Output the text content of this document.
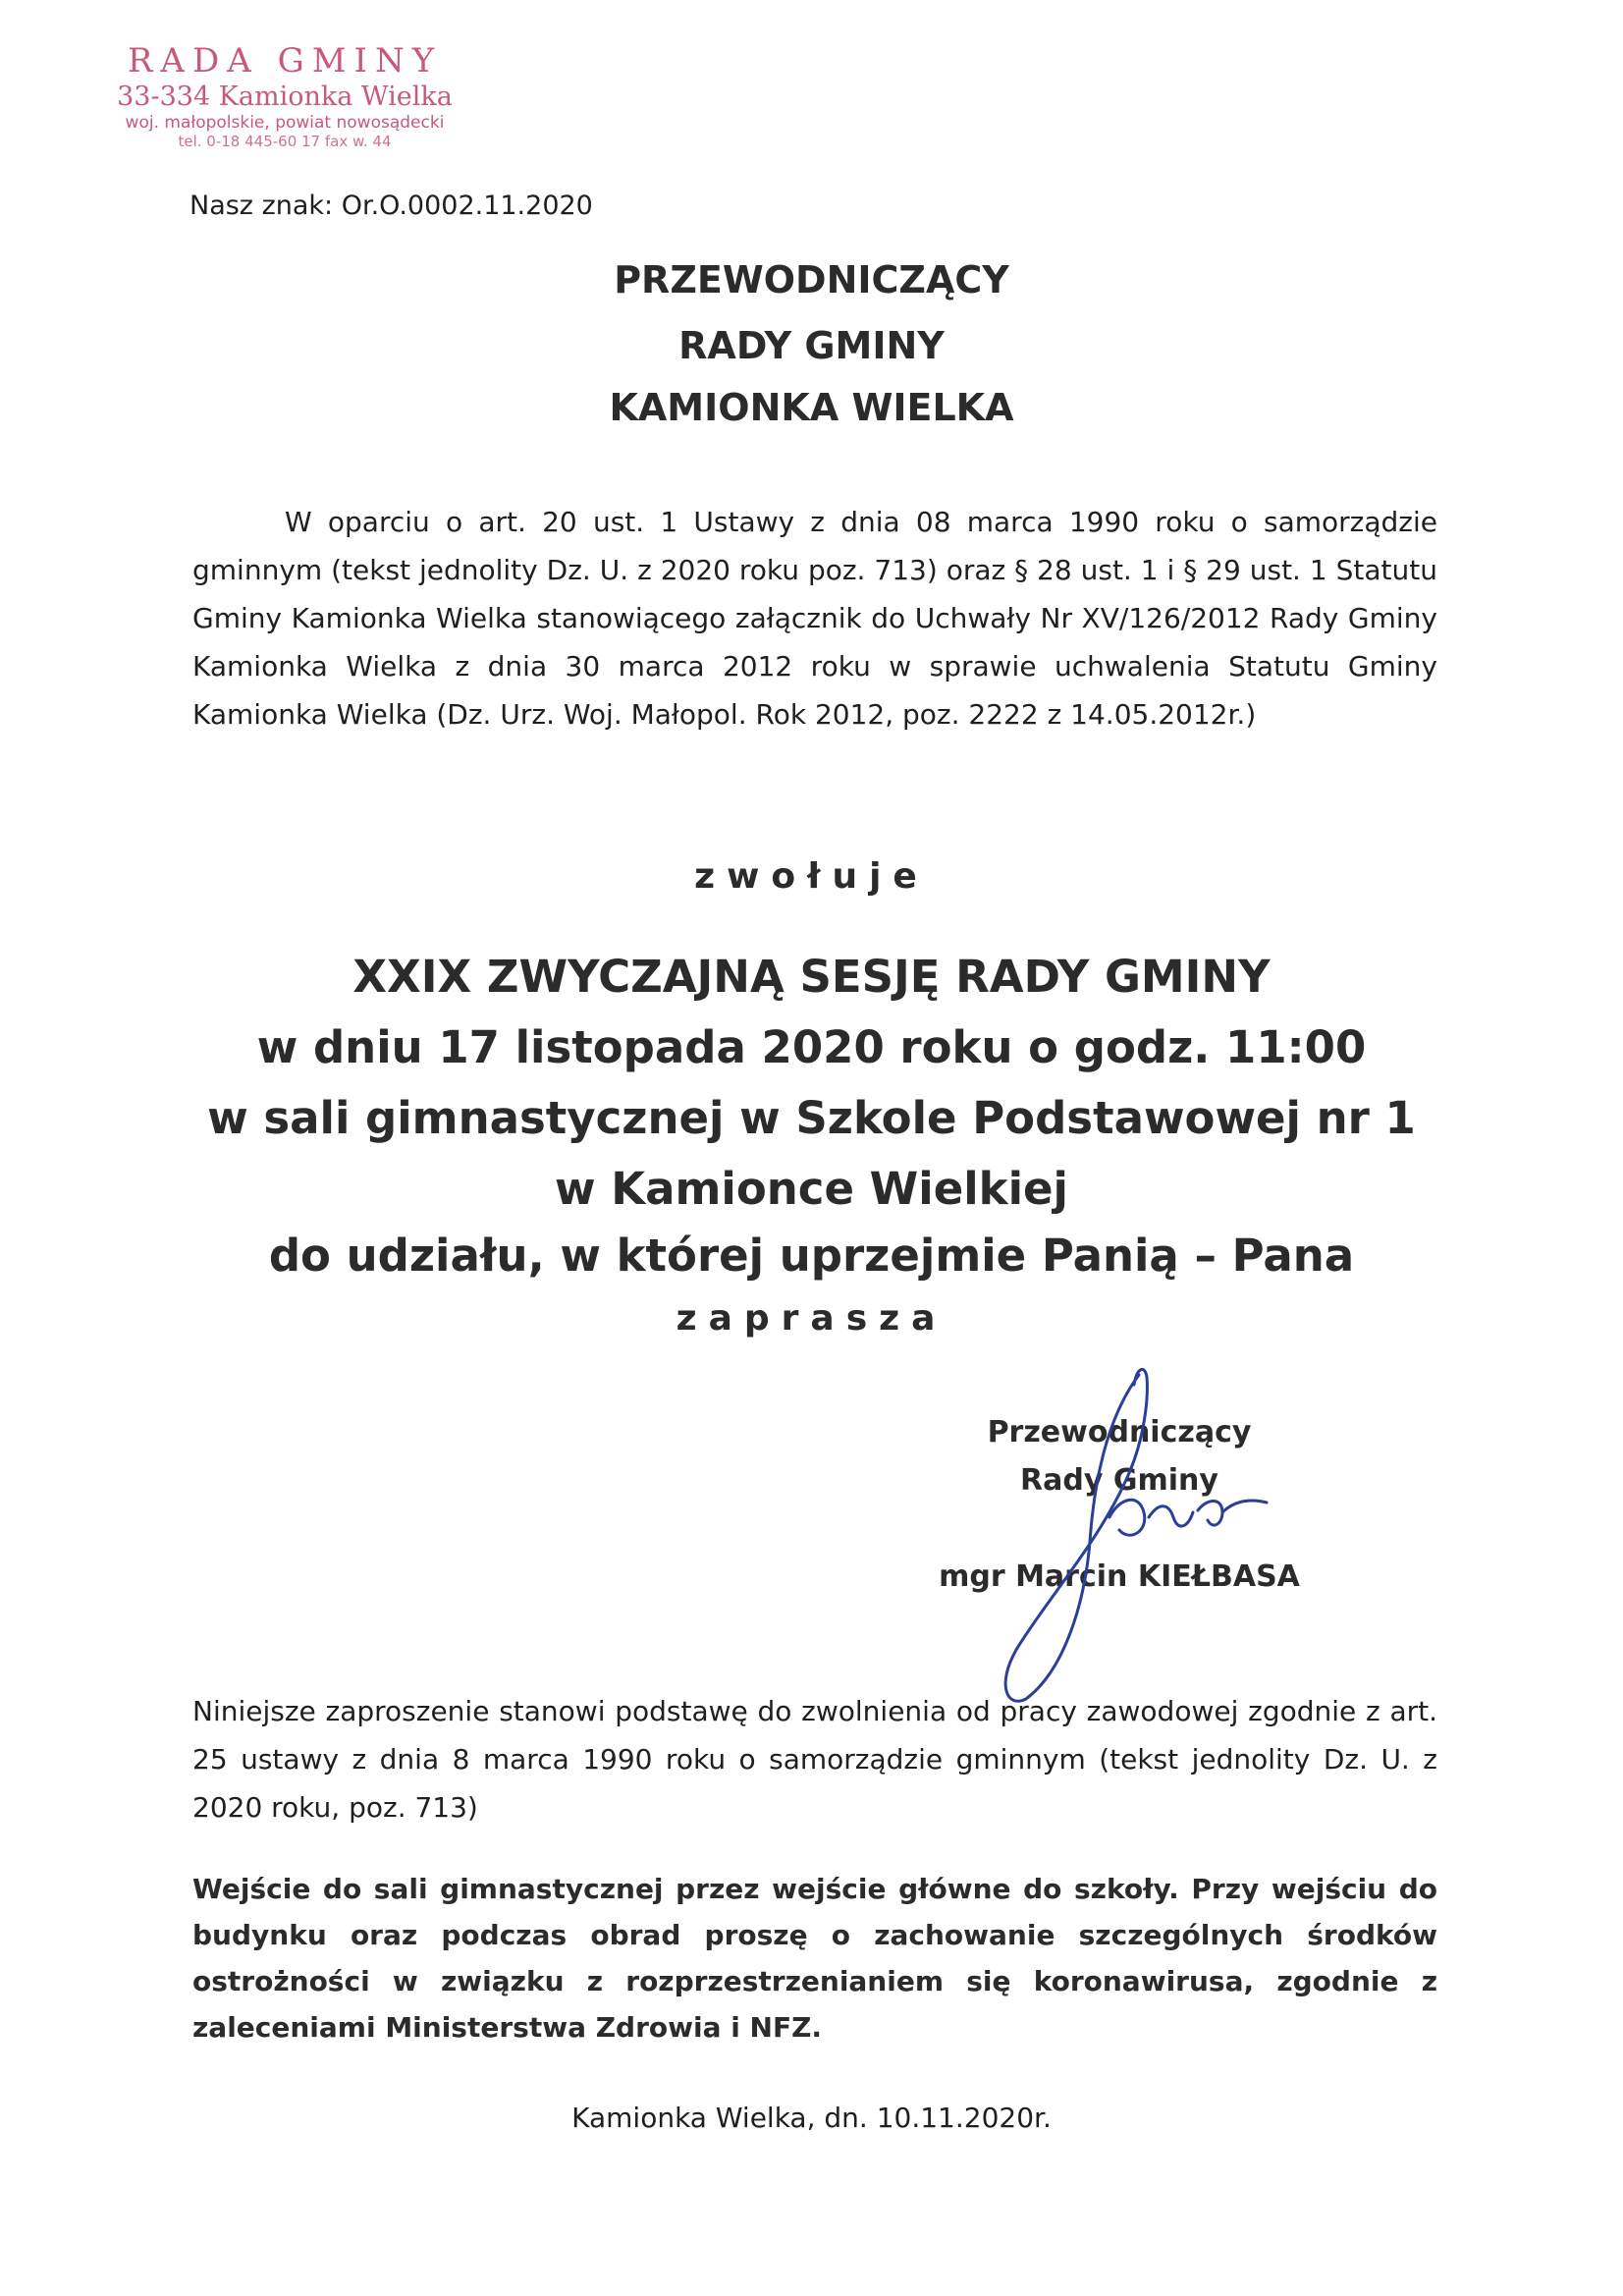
RADA GMINY
33-334 Kamionka Wielka
woj. małopolskie, powiat nowosądecki
tel. 0-18 445-60 17 fax w. 44
Nasz znak: Or.O.0002.11.2020
PRZEWODNICZĄCY
RADY GMINY
KAMIONKA WIELKA
W oparciu o art. 20 ust. 1 Ustawy z dnia 08 marca 1990 roku o samorządzie gminnym (tekst jednolity Dz. U. z 2020 roku poz. 713) oraz § 28 ust. 1 i § 29 ust. 1 Statutu Gminy Kamionka Wielka stanowiącego załącznik do Uchwały Nr XV/126/2012 Rady Gminy Kamionka Wielka z dnia 30 marca 2012 roku w sprawie uchwalenia Statutu Gminy Kamionka Wielka (Dz. Urz. Woj. Małopol. Rok 2012, poz. 2222 z 14.05.2012r.)
zwołuje
XXIX ZWYCZAJNĄ SESJĘ RADY GMINY
w dniu 17 listopada 2020 roku o godz. 11:00
w sali gimnastycznej w Szkole Podstawowej nr 1
w Kamionce Wielkiej
do udziału, w której uprzejmie Panią – Pana
zaprasza
Przewodniczący
Rady Gminy
mgr Marcin KIEŁBASA
Niniejsze zaproszenie stanowi podstawę do zwolnienia od pracy zawodowej zgodnie z art. 25 ustawy z dnia 8 marca 1990 roku o samorządzie gminnym (tekst jednolity Dz. U. z 2020 roku, poz. 713)
Wejście do sali gimnastycznej przez wejście główne do szkoły. Przy wejściu do budynku oraz podczas obrad proszę o zachowanie szczególnych środków ostrożności w związku z rozprzestrzenianiem się koronawirusa, zgodnie z zaleceniami Ministerstwa Zdrowia i NFZ.
Kamionka Wielka, dn. 10.11.2020r.
